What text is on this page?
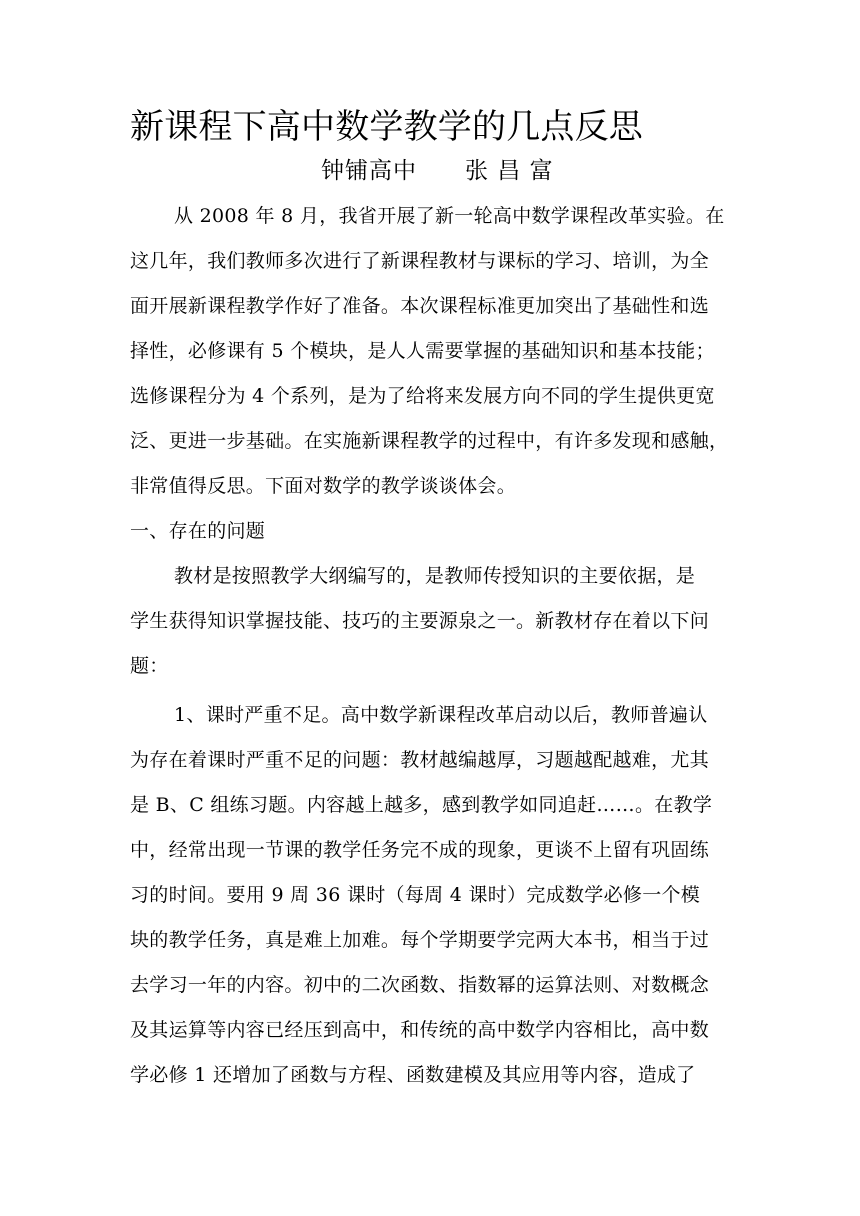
新课程下高中数学教学的几点反思
钟铺高中　　张 昌 富
从 2008 年 8 月，我省开展了新一轮高中数学课程改革实验。在
这几年，我们教师多次进行了新课程教材与课标的学习、培训，为全
面开展新课程教学作好了准备。本次课程标准更加突出了基础性和选
择性，必修课有 5 个模块，是人人需要掌握的基础知识和基本技能；
选修课程分为 4 个系列，是为了给将来发展方向不同的学生提供更宽
泛、更进一步基础。在实施新课程教学的过程中，有许多发现和感触，
非常值得反思。下面对数学的教学谈谈体会。
一、存在的问题
教材是按照教学大纲编写的，是教师传授知识的主要依据，是
学生获得知识掌握技能、技巧的主要源泉之一。新教材存在着以下问
题：
1、课时严重不足。高中数学新课程改革启动以后，教师普遍认
为存在着课时严重不足的问题：教材越编越厚，习题越配越难，尤其
是 B、C 组练习题。内容越上越多，感到教学如同追赶……。在教学
中，经常出现一节课的教学任务完不成的现象，更谈不上留有巩固练
习的时间。要用 9 周 36 课时（每周 4 课时）完成数学必修一个模
块的教学任务，真是难上加难。每个学期要学完两大本书，相当于过
去学习一年的内容。初中的二次函数、指数幂的运算法则、对数概念
及其运算等内容已经压到高中，和传统的高中数学内容相比，高中数
学必修 1 还增加了函数与方程、函数建模及其应用等内容，造成了
